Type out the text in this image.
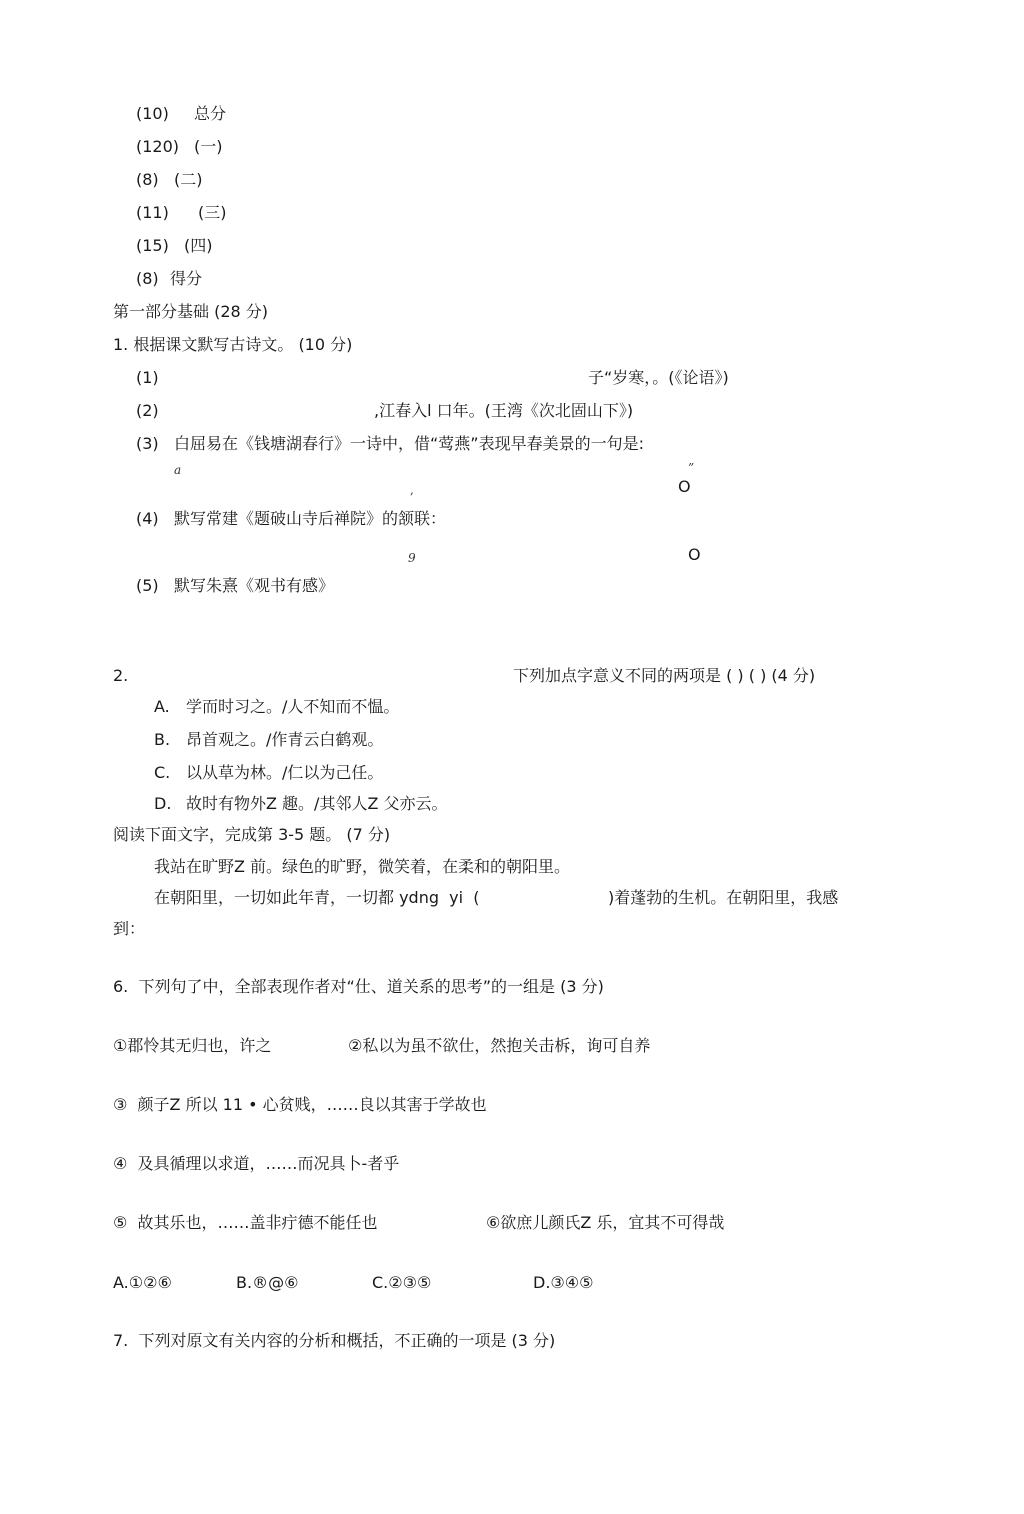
(10) 总分
(120) (一)
(8) (二)
(11) (三)
(15) (四)
(8) 得分
第一部分基础 (28 分)
1. 根据课文默写古诗文。 (10 分)
(1)	子“岁寒，。(《论语》)
(2)	,江春入l 口年。(王湾《次北固山下》)
(3) 白屈易在《钱塘湖春行》一诗中，借“莺燕”表现早春美景的一句是:
a	”
,	O
(4) 默写常建《题破山寺后禅院》的颔联：
9	O
(5) 默写朱熹《观书有感》
2.	下列加点字意义不同的两项是 ( ) ( ) (4 分)
A. 学而时习之。/人不知而不愠。
B. 昂首观之。/作青云白鹤观。
C. 以从草为林。/仁以为己任。
D. 故时有物外Z 趣。/其邻人Z 父亦云。
阅读下面文字，完成第 3-5 题。 (7 分)
我站在旷野Z 前。绿色的旷野，微笑着，在柔和的朝阳里。
在朝阳里，一切如此年青，一切都 ydng  yi  (	)着蓬勃的生机。在朝阳里，我感
到：
6.  下列句了中，全部表现作者对“仕、道关系的思考”的一组是 (3 分)
①郡怜其无归也，许之	②私以为虽不欲仕，然抱关击柝，询可自养
③  颜子Z 所以 11 • 心贫贱，……良以其害于学故也
④  及具循理以求道，……而况具卜-者乎
⑤  故其乐也，……盖非疔德不能任也	⑥欲庶儿颜氏Z 乐，宜其不可得哉
A.①②⑥	B.®@⑥	C.②③⑤	D.③④⑤
7.  下列对原文有关内容的分析和概括，不正确的一项是 (3 分)
